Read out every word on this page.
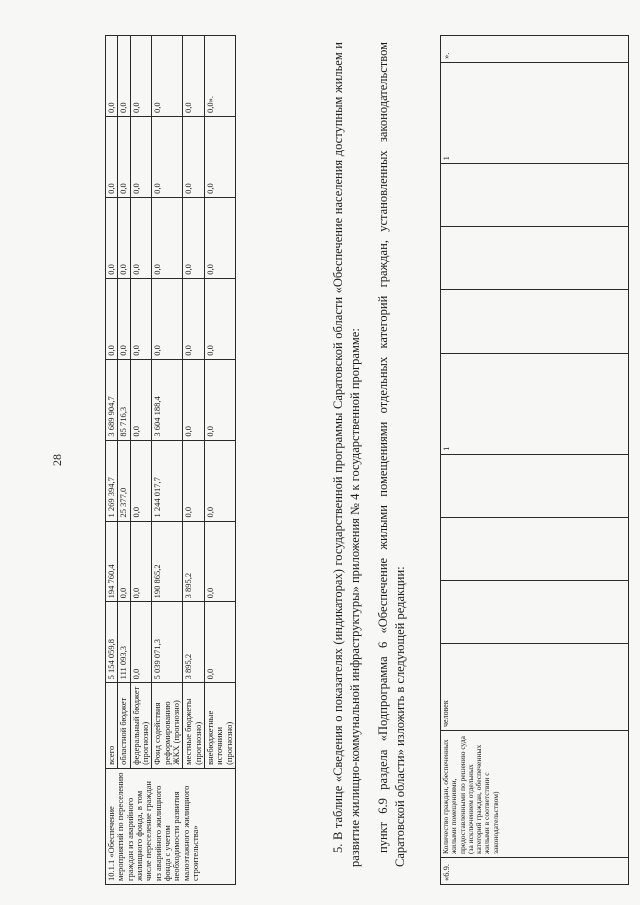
28
10.1.1 «Обеспечение мероприятий по переселению граждан из аварийного жилищного фонда, в том числе переселение граждан из аварийного жилищного фонда с учетом необходимости развития малоэтажного жилищного строительства»	всего	5 154 059,8	194 760,4	1 269 394,7	3 689 904,7	0,0	0,0	0,0	0,0
	областной бюджет	111 093,3	0,0	25 377,0	85 716,3	0,0	0,0	0,0	0,0
	федеральный бюджет (прогнозно)	0,0	0,0	0,0	0,0	0,0	0,0	0,0	0,0
	Фонд содействия реформированию ЖКХ (прогнозно)	5 039 071,3	190 865,2	1 244 017,7	3 604 188,4	0,0	0,0	0,0	0,0
	местные бюджеты (прогнозно)	3 895,2	3 895,2	0,0	0,0	0,0	0,0	0,0	0,0
	внебюджетные источники (прогнозно)	0,0	0,0	0,0	0,0	0,0	0,0	0,0	0,0».	5. В таблице «Сведения о показателях (индикаторах) государственной программы Саратовской области «Обеспечение населения доступным жильем и развитие жилищно-коммунальной инфраструктуры» приложения № 4 к государственной программе: пункт 6.9 раздела «Подпрограмма 6 «Обеспечение жилыми помещениями отдельных категорий граждан, установленных законодательством Саратовской области» изложить в следующей редакции:
«6.9.	Количество граждан, обеспеченных жилыми помещениями, предоставленными по решению суда (за исключением отдельных категорий граждан, обеспеченных жилыми в соответствии с законодательством)	человек				1				1	».
